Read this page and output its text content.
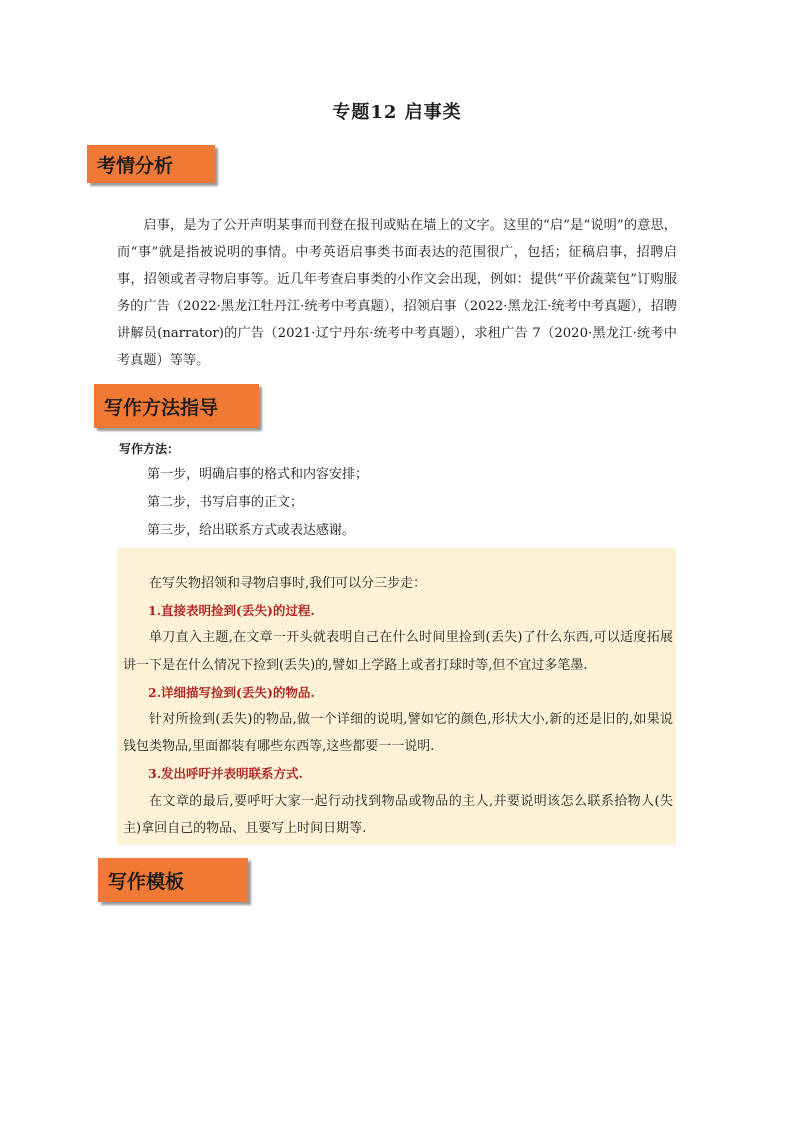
专题12 启事类
考情分析
启事，是为了公开声明某事而刊登在报刊或贴在墙上的文字。这里的“启”是“说明”的意思，而“事”就是指被说明的事情。中考英语启事类书面表达的范围很广，包括；征稿启事，招聘启事，招领或者寻物启事等。近几年考查启事类的小作文会出现，例如：提供“平价蔬菜包”订购服务的广告（2022·黑龙江牡丹江·统考中考真题），招领启事（2022·黑龙江·统考中考真题），招聘讲解员(narrator)的广告（2021·辽宁丹东·统考中考真题），求租广告 7（2020·黑龙江·统考中考真题）等等。
写作方法指导
写作方法：
第一步，明确启事的格式和内容安排；
第二步，书写启事的正文；
第三步，给出联系方式或表达感谢。

在写失物招领和寻物启事时,我们可以分三步走：

1.直接表明捡到(丢失)的过程.

单刀直入主题,在文章一开头就表明自己在什么时间里捡到(丢失)了什么东西,可以适度拓展讲一下是在什么情况下捡到(丢失)的,譬如上学路上或者打球时等,但不宜过多笔墨.

2.详细描写捡到(丢失)的物品.

针对所捡到(丢失)的物品,做一个详细的说明,譬如它的颜色,形状大小,新的还是旧的,如果说钱包类物品,里面都装有哪些东西等,这些都要一一说明.

3.发出呼吁并表明联系方式.

在文章的最后,要呼吁大家一起行动找到物品或物品的主人,并要说明该怎么联系拾物人(失主)拿回自己的物品、且要写上时间日期等.

写作模板
